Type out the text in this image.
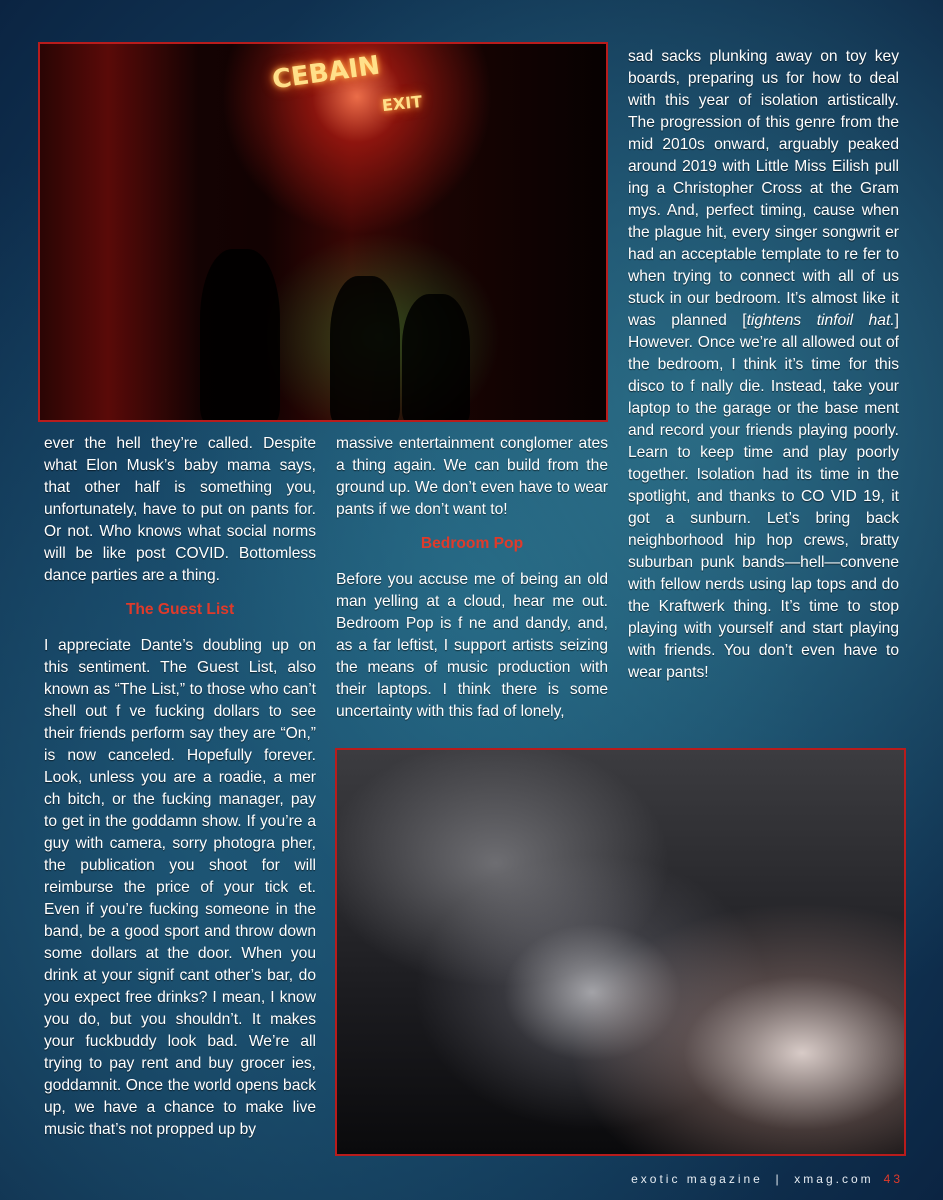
CEBAIN
EXIT

ever the hell they’re called. Despite what Elon Musk’s baby mama says, that other half is something you, unfortunately, have to put on pants for. Or not. Who knows what social norms will be like post COVID. Bottomless dance parties are a thing.

The Guest List

I appreciate Dante’s doubling up on this sentiment. The Guest List, also known as “The List,” to those who can’t shell out f ve fucking dollars to see their friends perform say they are “On,” is now canceled. Hopefully forever. Look, unless you are a roadie, a mer ch bitch, or the fucking manager, pay to get in the goddamn show. If you’re a guy with camera, sorry photogra pher, the publication you shoot for will reimburse the price of your tick et. Even if you’re fucking someone in the band, be a good sport and throw down some dollars at the door. When you drink at your signif cant other’s bar, do you expect free drinks? I mean, I know you do, but you shouldn’t. It makes your fuckbuddy look bad. We’re all trying to pay rent and buy grocer ies, goddamnit. Once the world opens back up, we have a chance to make live music that’s not propped up by

massive entertainment conglomer ates a thing again. We can build from the ground up. We don’t even have to wear pants if we don’t want to!

Bedroom Pop

Before you accuse me of being an old man yelling at a cloud, hear me out. Bedroom Pop is f ne and dandy, and, as a far leftist, I support artists seizing the means of music production with their laptops. I think there is some uncertainty with this fad of lonely,

sad sacks plunking away on toy key boards, preparing us for how to deal with this year of isolation artistically. The progression of this genre from the mid 2010s onward, arguably peaked around 2019 with Little Miss Eilish pull ing a Christopher Cross at the Gram mys. And, perfect timing, cause when the plague hit, every singer songwrit er had an acceptable template to re fer to when trying to connect with all of us stuck in our bedroom. It’s almost like it was planned [tightens tinfoil hat.] However. Once we’re all allowed out of the bedroom, I think it’s time for this disco to f nally die. Instead, take your laptop to the garage or the base ment and record your friends playing poorly. Learn to keep time and play poorly together. Isolation had its time in the spotlight, and thanks to CO VID 19, it got a sunburn. Let’s bring back neighborhood hip hop crews, bratty suburban punk bands—hell—convene with fellow nerds using lap tops and do the Kraftwerk thing. It’s time to stop playing with yourself and start playing with friends. You don’t even have to wear pants!

exotic magazine  |  xmag.com 43
